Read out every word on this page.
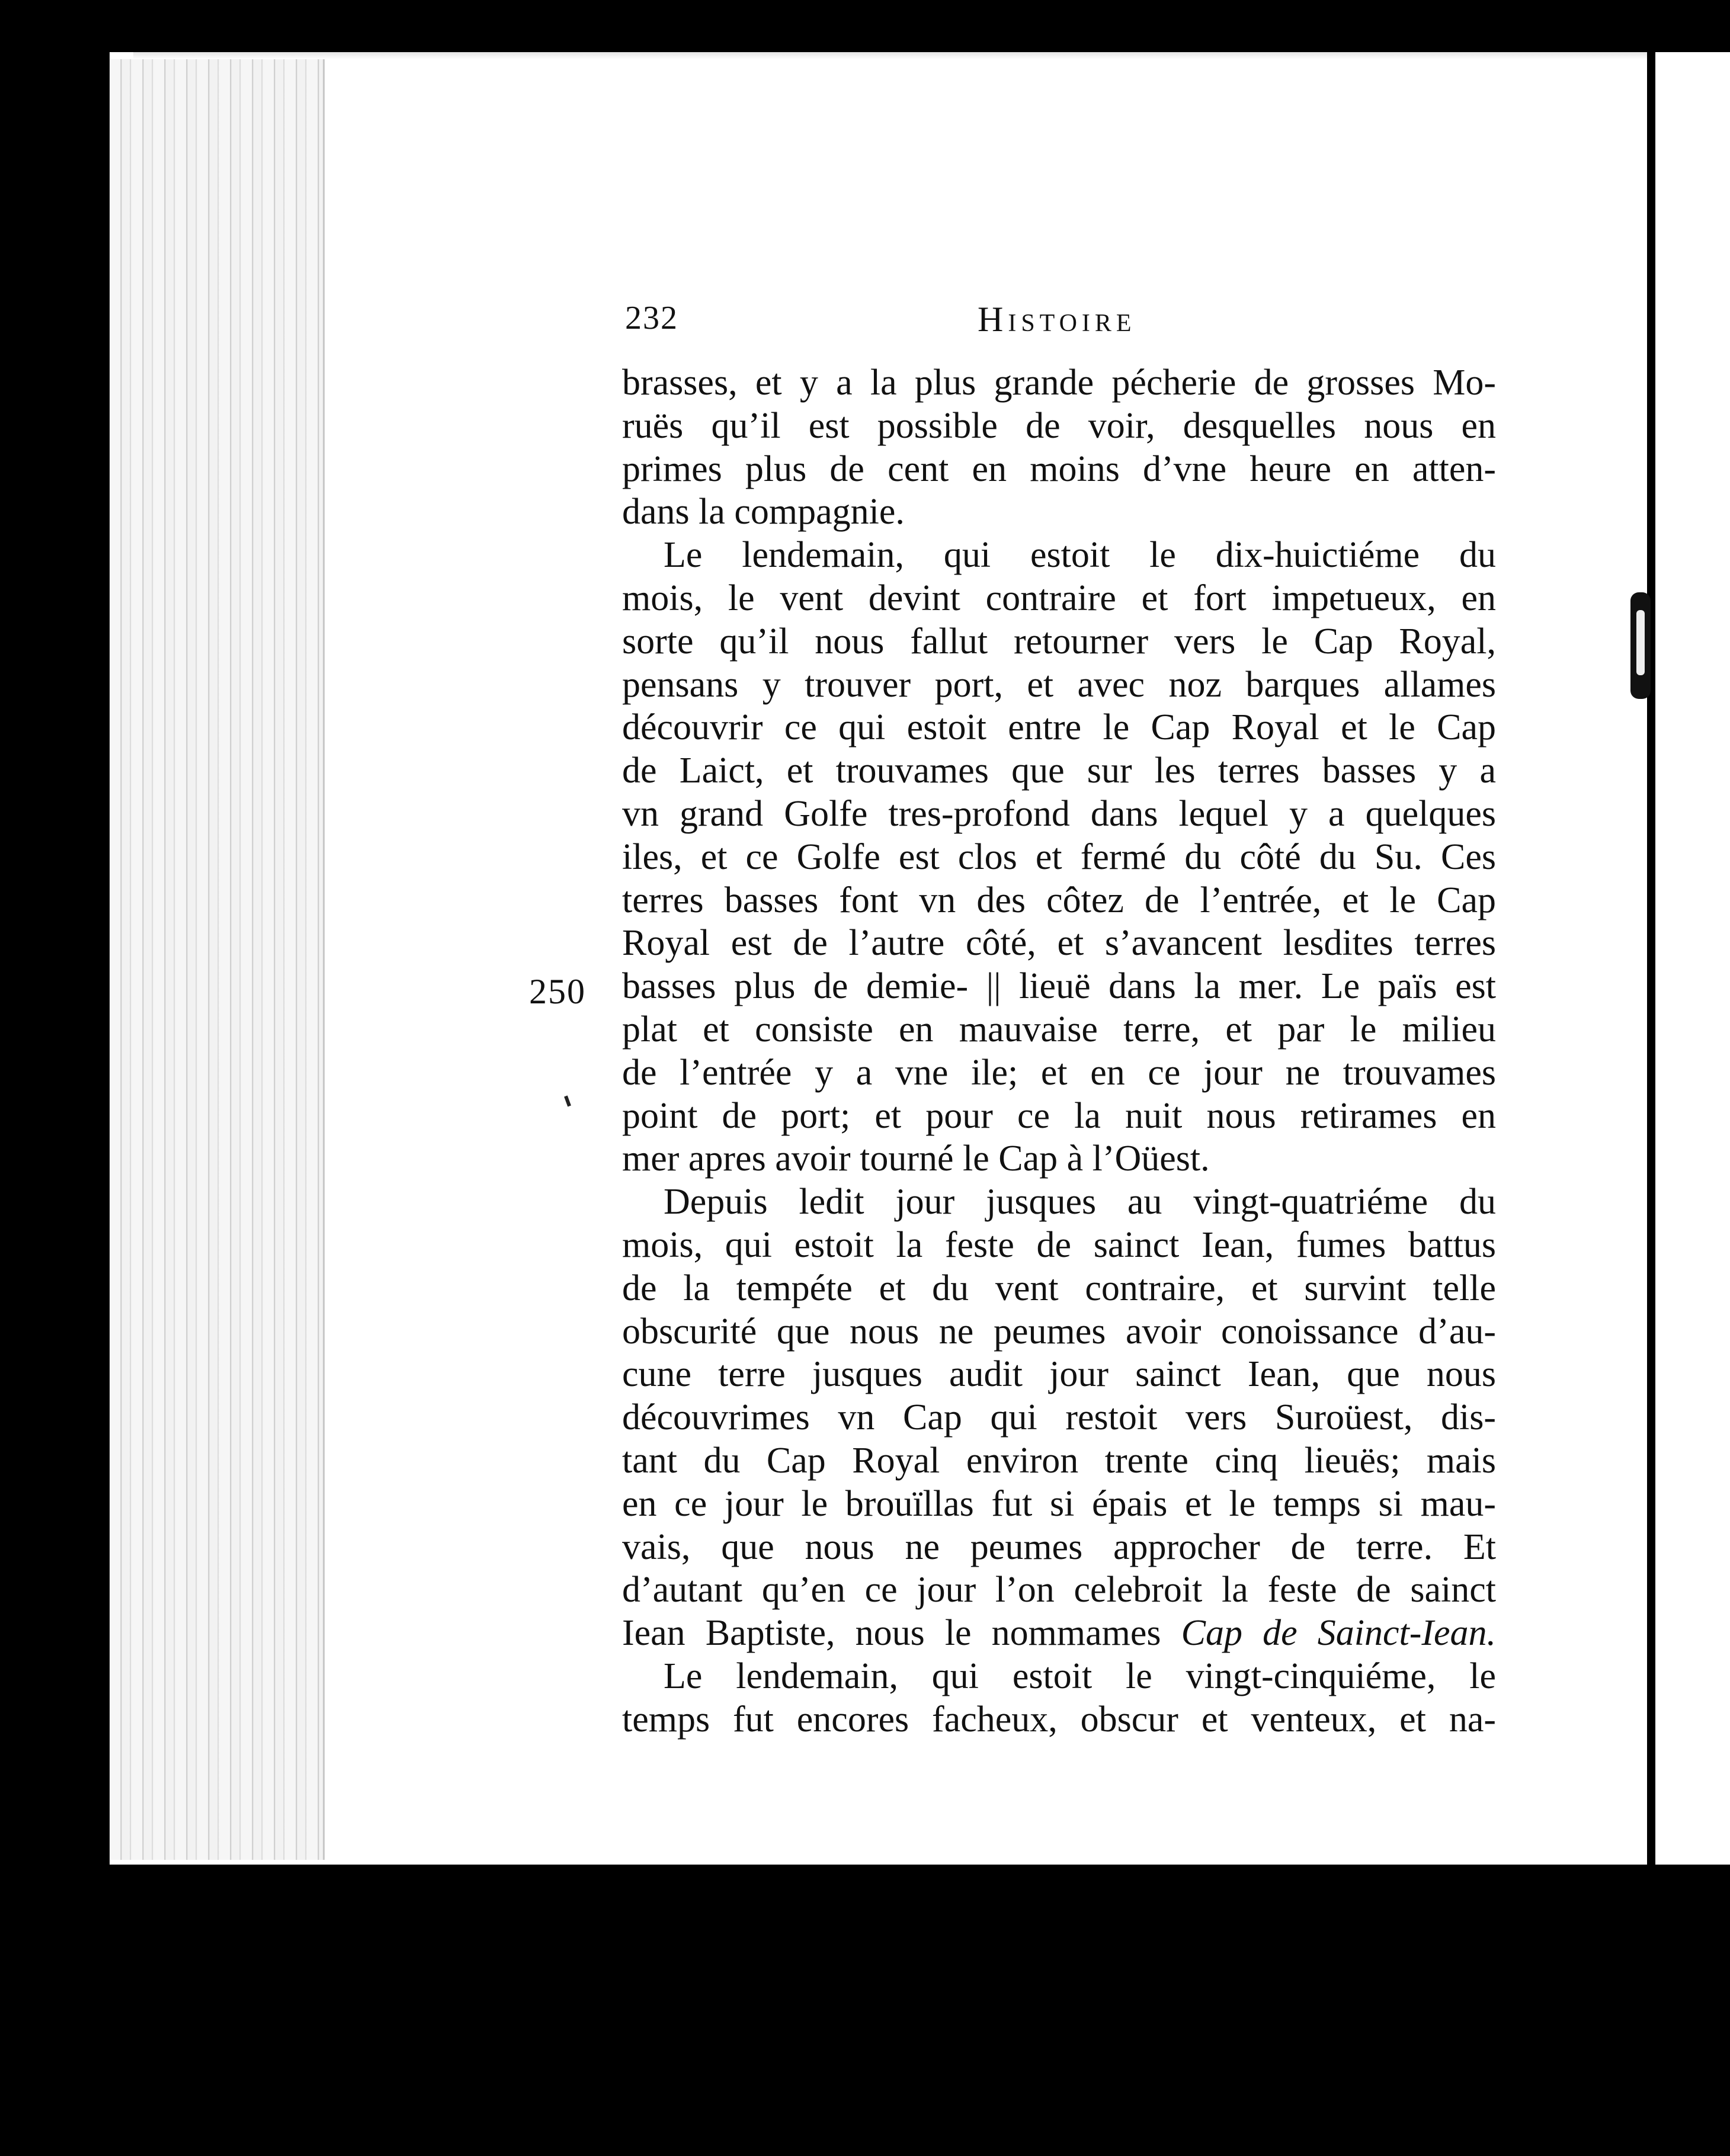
232	Histoire
250
brasses, et y a la plus grande pécherie de grosses Mo-
ruës qu’il est possible de voir, desquelles nous en
primes plus de cent en moins d’vne heure en atten-
dans la compagnie.
Le lendemain, qui estoit le dix-huictiéme du
mois, le vent devint contraire et fort impetueux, en
sorte qu’il nous fallut retourner vers le Cap Royal,
pensans y trouver port, et avec noz barques allames
découvrir ce qui estoit entre le Cap Royal et le Cap
de Laict, et trouvames que sur les terres basses y a
vn grand Golfe tres-profond dans lequel y a quelques
iles, et ce Golfe est clos et fermé du côté du Su. Ces
terres basses font vn des côtez de l’entrée, et le Cap
Royal est de l’autre côté, et s’avancent lesdites terres
basses plus de demie- || lieuë dans la mer. Le païs est
plat et consiste en mauvaise terre, et par le milieu
de l’entrée y a vne ile; et en ce jour ne trouvames
point de port; et pour ce la nuit nous retirames en
mer apres avoir tourné le Cap à l’Oüest.
Depuis ledit jour jusques au vingt-quatriéme du
mois, qui estoit la feste de sainct Iean, fumes battus
de la tempéte et du vent contraire, et survint telle
obscurité que nous ne peumes avoir conoissance d’au-
cune terre jusques audit jour sainct Iean, que nous
découvrimes vn Cap qui restoit vers Suroüest, dis-
tant du Cap Royal environ trente cinq lieuës; mais
en ce jour le brouïllas fut si épais et le temps si mau-
vais, que nous ne peumes approcher de terre. Et
d’autant qu’en ce jour l’on celebroit la feste de sainct
Iean Baptiste, nous le nommames Cap de Sainct-Iean.
Le lendemain, qui estoit le vingt-cinquiéme, le
temps fut encores facheux, obscur et venteux, et na-
